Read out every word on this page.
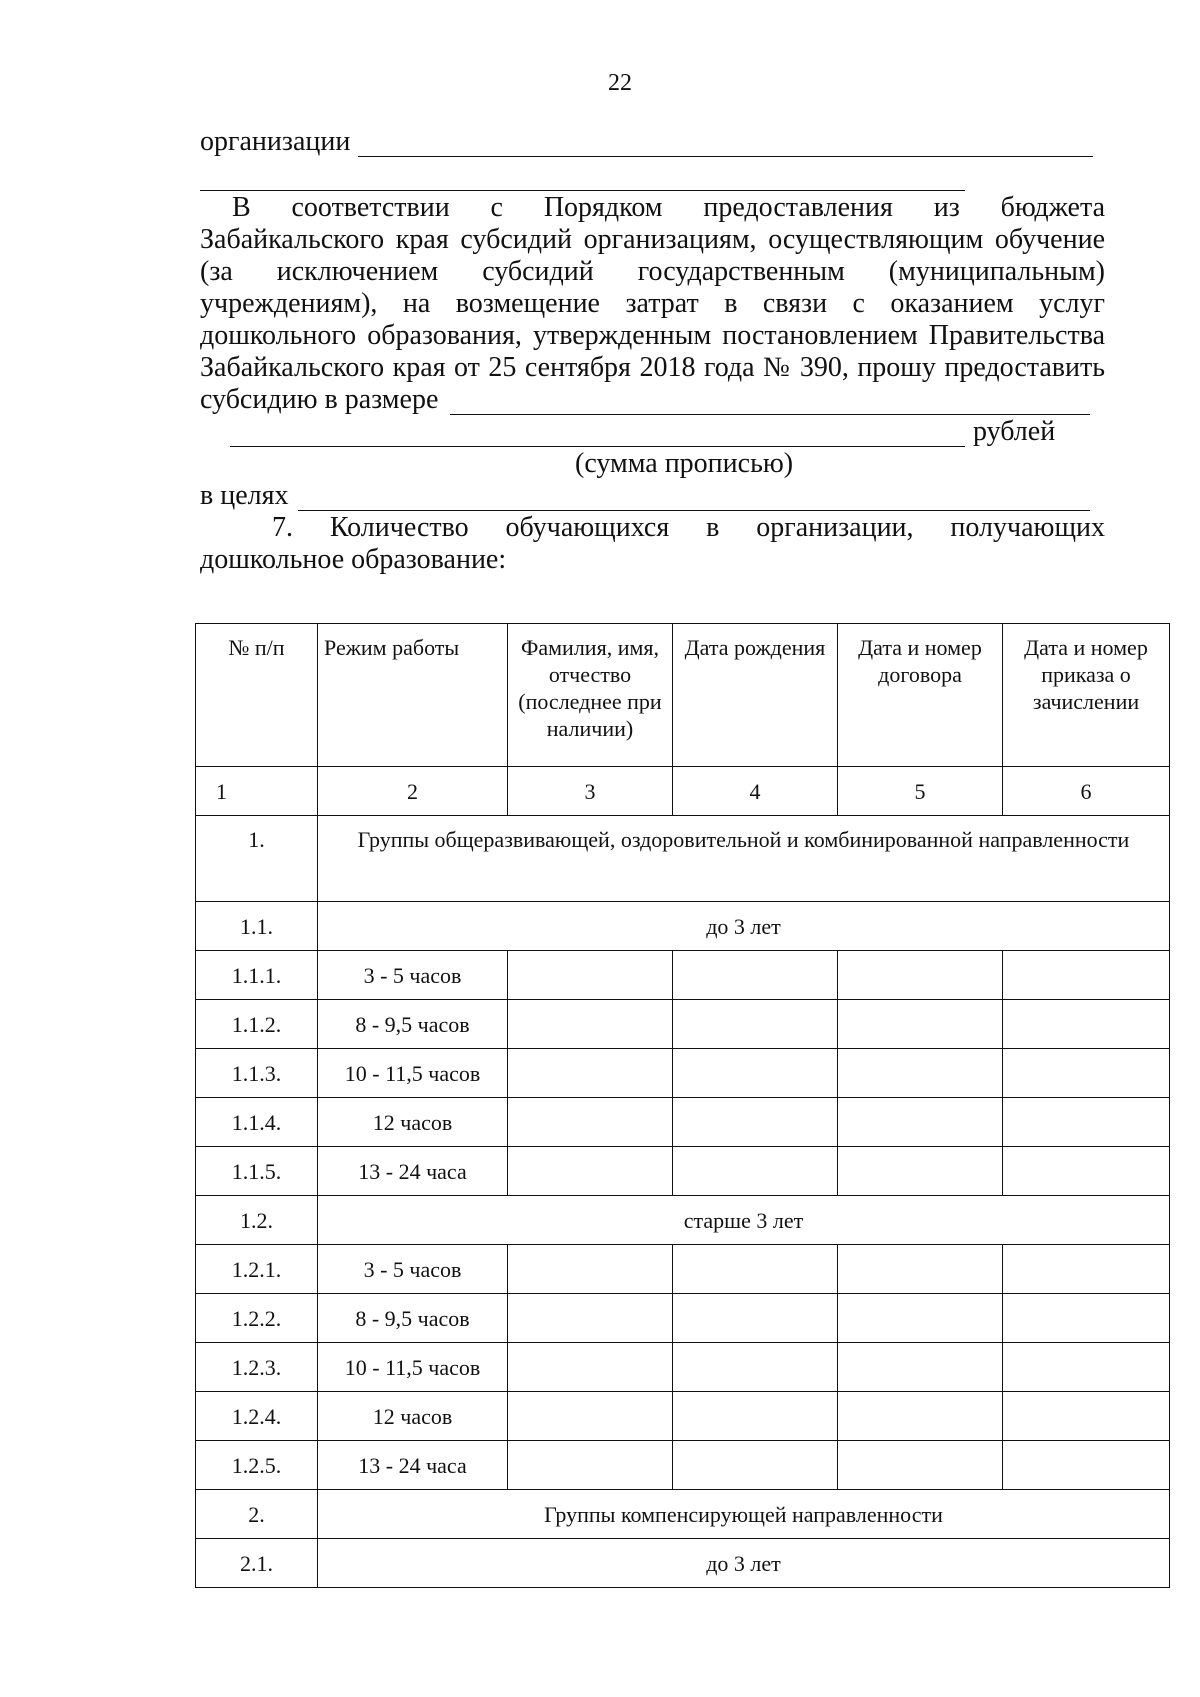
22
организации
В соответствии с Порядком предоставления из бюджета
Забайкальского края субсидий организациям, осуществляющим обучение
(за исключением субсидий государственным (муниципальным)
учреждениям), на возмещение затрат в связи с оказанием услуг
дошкольного образования, утвержденным постановлением Правительства
Забайкальского края от 25 сентября 2018 года № 390, прошу предоставить
субсидию в размере
рублей
(сумма прописью)
в целях
7. Количество обучающихся в организации, получающих
дошкольное образование:
№ п/п	Режим работы	Фамилия, имя, отчество (последнее при наличии)	Дата рождения	Дата и номер договора	Дата и номер приказа о зачислении
1	2	3	4	5	6
1.	Группы общеразвивающей, оздоровительной и комбинированной направленности				
1.1.	до 3 лет				
1.1.1.	3 - 5 часов				
1.1.2.	8 - 9,5 часов				
1.1.3.	10 - 11,5 часов				
1.1.4.	12 часов				
1.1.5.	13 - 24 часа				
1.2.	старше 3 лет				
1.2.1.	3 - 5 часов				
1.2.2.	8 - 9,5 часов				
1.2.3.	10 - 11,5 часов				
1.2.4.	12 часов				
1.2.5.	13 - 24 часа				
2.	Группы компенсирующей направленности				
2.1.	до 3 лет				
